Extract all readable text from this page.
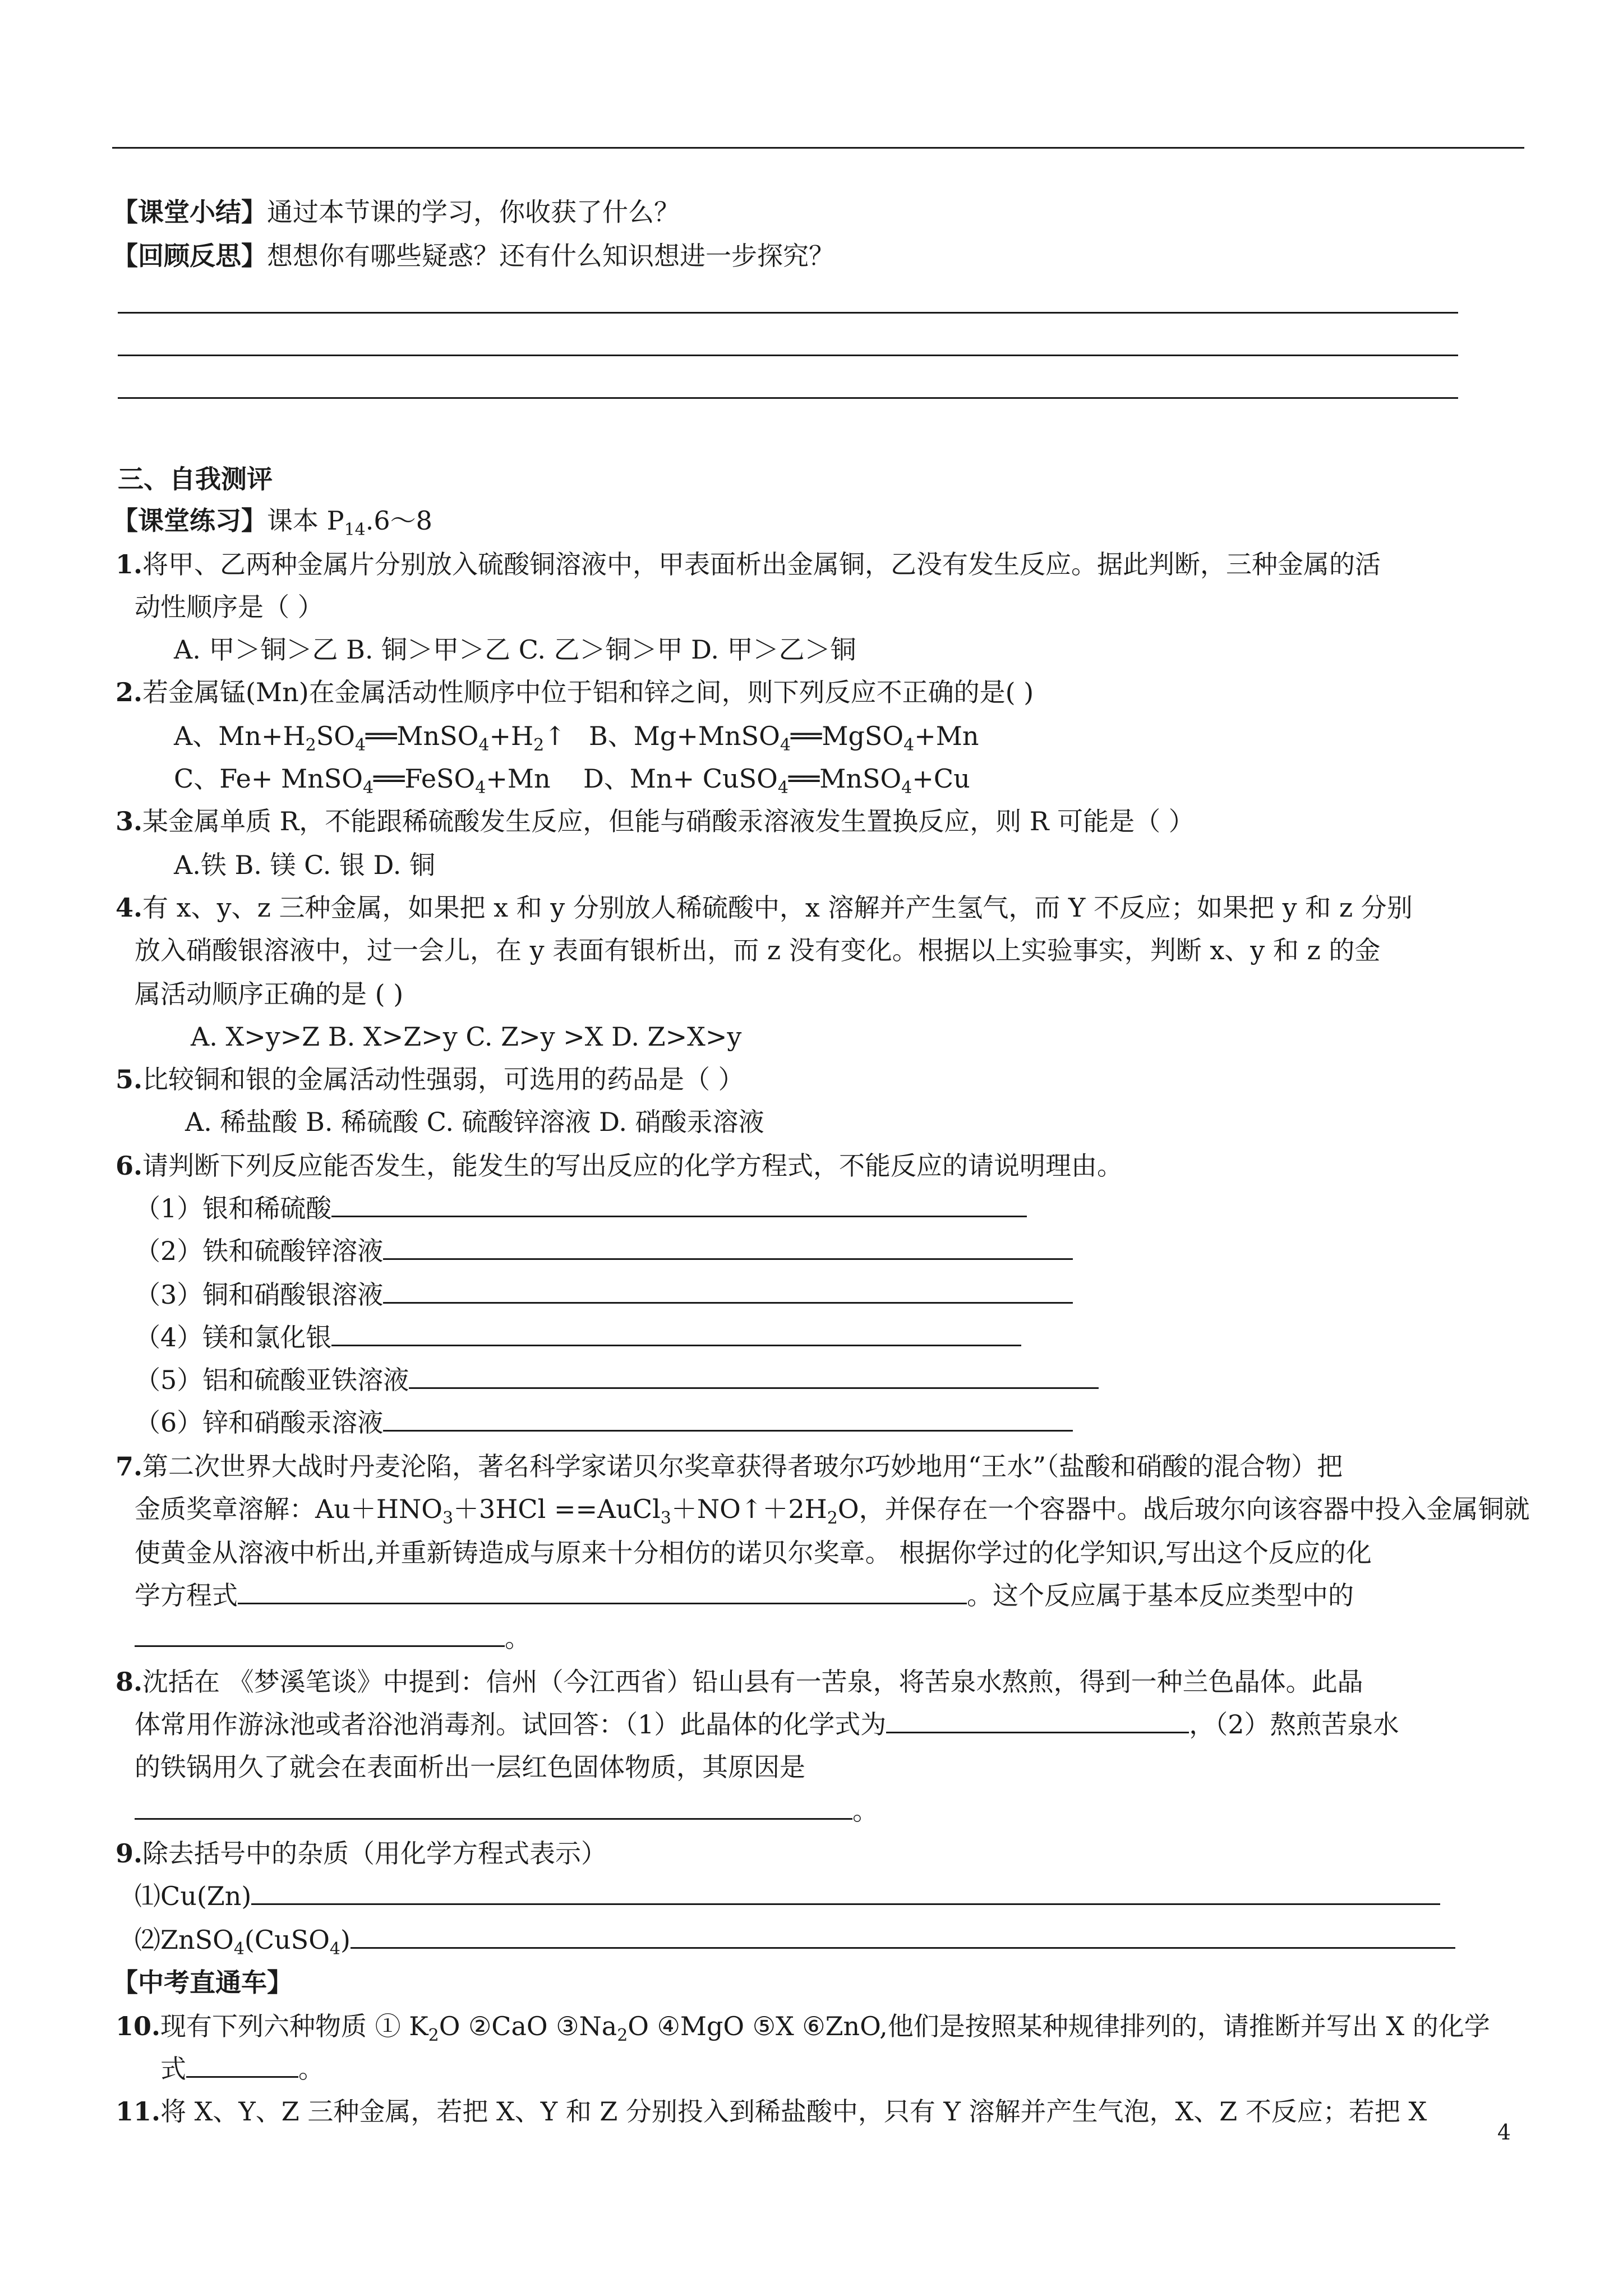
【课堂小结】通过本节课的学习，你收获了什么？
【回顾反思】想想你有哪些疑惑？还有什么知识想进一步探究？
三、自我测评
【课堂练习】课本 $P_{14}.6\sim 8$
1.将甲、乙两种金属片分别放入硫酸铜溶液中，甲表面析出金属铜，乙没有发生反应。据此判断，三种金属的活
动性顺序是（ ）
A. 甲＞铜＞乙 B. 铜＞甲＞乙 C. 乙＞铜＞甲 D. 甲＞乙＞铜
2.若金属锰(Mn)在金属活动性顺序中位于铝和锌之间，则下列反应不正确的是( )
A、$Mn+H_2SO_4══MnSO_4+H_2↑$ B、Mg+MnSO$_4$══MgSO$_4$+Mn
C、Fe+ MnSO$_4$══FeSO$_4$+Mn D、Mn+ CuSO$_4$══MnSO$_4$+Cu
3.某金属单质 R，不能跟稀硫酸发生反应，但能与硝酸汞溶液发生置换反应，则 R 可能是（ ）
A.铁 B. 镁 C. 银 D. 铜
4.有 x、y、z 三种金属，如果把 x 和 y 分别放人稀硫酸中，x 溶解并产生氢气，而 Y 不反应；如果把 y 和 z 分别
放入硝酸银溶液中，过一会儿，在 y 表面有银析出，而 z 没有变化。根据以上实验事实，判断 x、y 和 z 的金
属活动顺序正确的是 ( )
A. X>y>Z B. X>Z>y C. Z>y >X D. Z>X>y
5.比较铜和银的金属活动性强弱，可选用的药品是（ ）
A. 稀盐酸 B. 稀硫酸 C. 硫酸锌溶液 D. 硝酸汞溶液
6.请判断下列反应能否发生，能发生的写出反应的化学方程式，不能反应的请说明理由。
（1）银和稀硫酸
（2）铁和硫酸锌溶液
（3）铜和硝酸银溶液
（4）镁和氯化银
（5）铝和硫酸亚铁溶液
（6）锌和硝酸汞溶液
7.第二次世界大战时丹麦沦陷，著名科学家诺贝尔奖章获得者玻尔巧妙地用“王水”（盐酸和硝酸的混合物）把
金质奖章溶解：$Au+HNO_3+3HCl$ $==AuCl_3+NO↑+2H_2O$，并保存在一个容器中。战后玻尔向该容器中投入金属铜就
使黄金从溶液中析出,并重新铸造成与原来十分相仿的诺贝尔奖章。 根据你学过的化学知识,写出这个反应的化
学方程式	。这个反应属于基本反应类型中的
。
8.沈括在 《梦溪笔谈》中提到：信州（今江西省）铅山县有一苦泉，将苦泉水熬煎，得到一种兰色晶体。此晶
体常用作游泳池或者浴池消毒剂。试回答：（1）此晶体的化学式为	，（2）熬煎苦泉水
的铁锅用久了就会在表面析出一层红色固体物质，其原因是
。
9.除去括号中的杂质（用化学方程式表示）
⑴Cu(Zn)
⑵ZnSO$_4$(CuSO$_4$)
【中考直通车】
10.现有下列六种物质 ① $K_2O$ ②CaO $③Na_2O$ ④MgO ⑤X ⑥ZnO,他们是按照某种规律排列的，请推断并写出 X 的化学
式	。
11.将 X、Y、Z 三种金属，若把 X、Y 和 Z 分别投入到稀盐酸中，只有 Y 溶解并产生气泡，X、Z 不反应；若把 X
4
